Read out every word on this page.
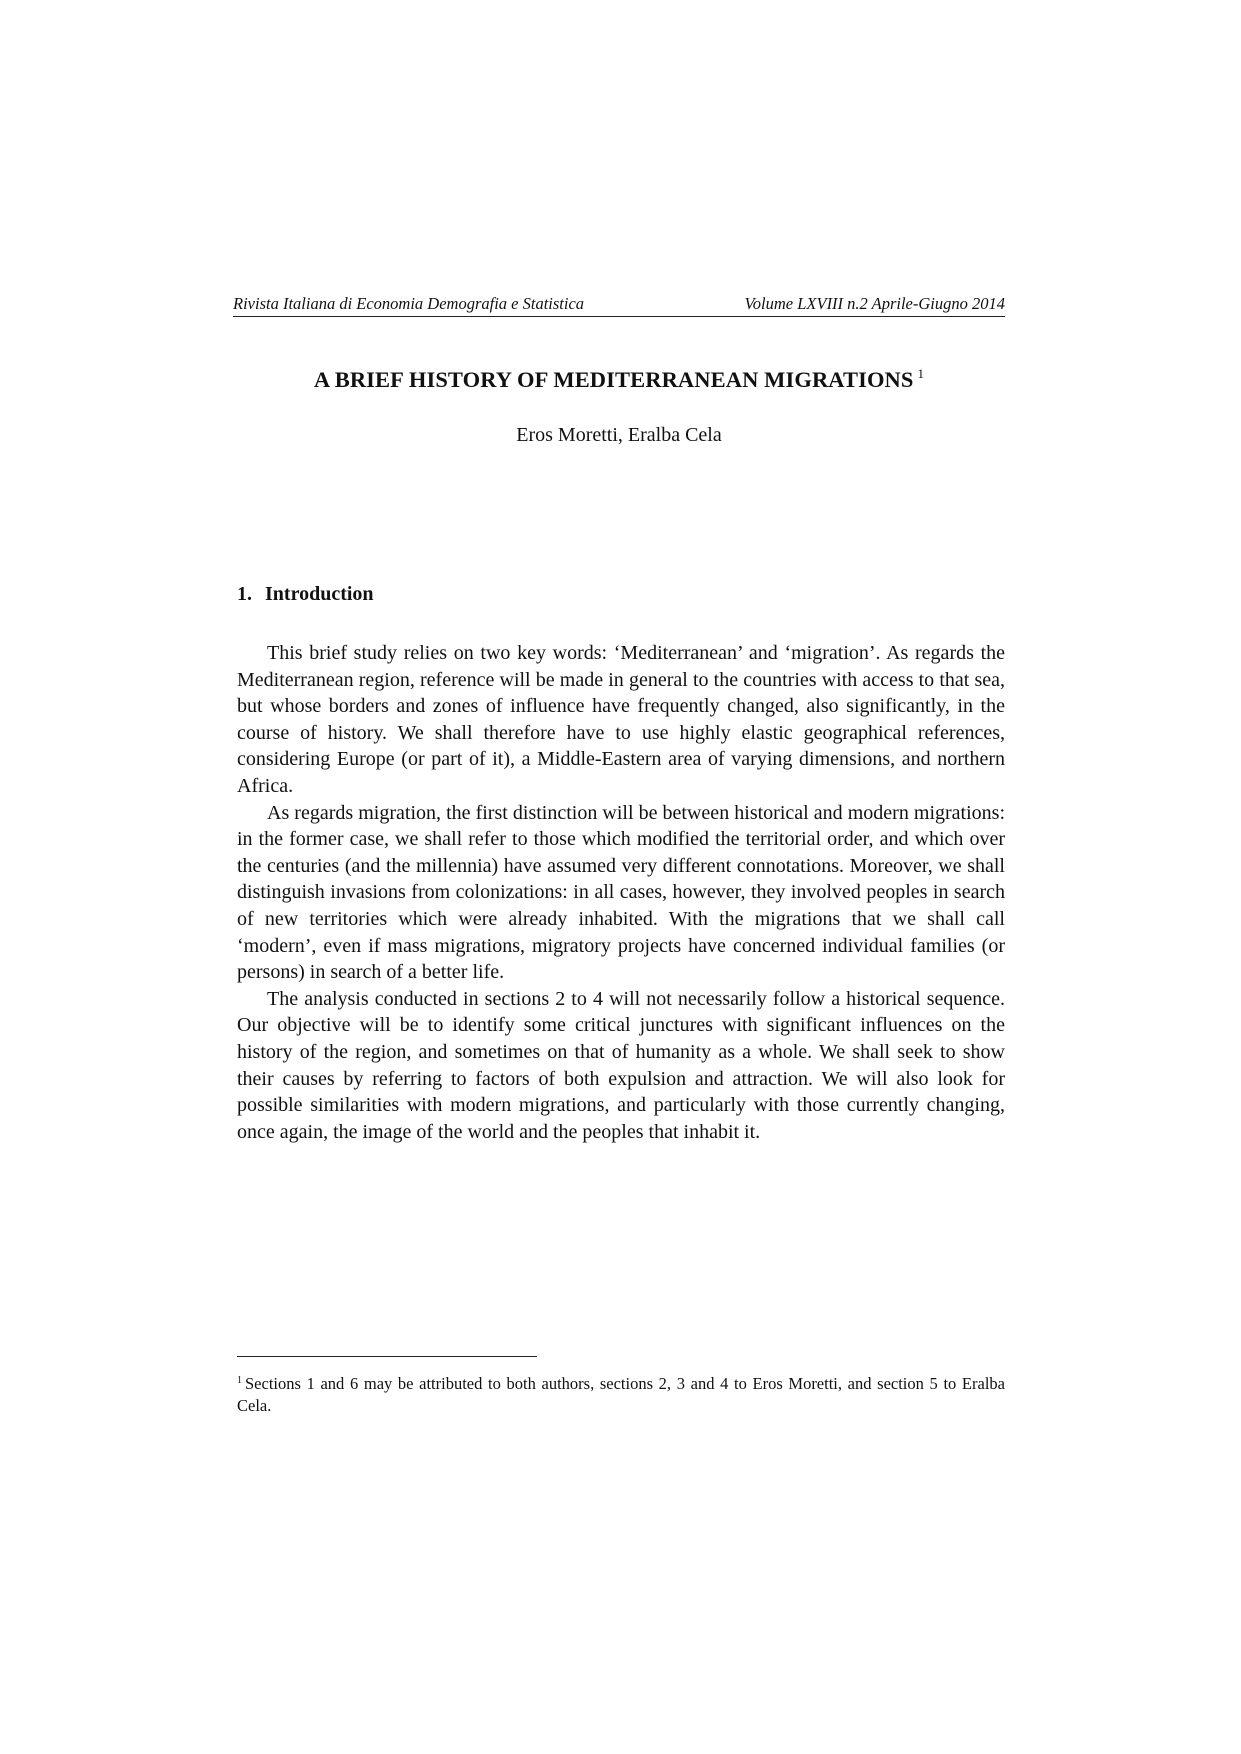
Rivista Italiana di Economia Demografia e Statistica	Volume LXVIII n.2 Aprile-Giugno 2014
A BRIEF HISTORY OF MEDITERRANEAN MIGRATIONS $^1$
Eros Moretti, Eralba Cela
1. Introduction

This brief study relies on two key words: ‘Mediterranean’ and ‘migration’. As regards the Mediterranean region, reference will be made in general to the countries with access to that sea, but whose borders and zones of influence have frequently changed, also significantly, in the course of history. We shall therefore have to use highly elastic geographical references, considering Europe (or part of it), a Middle-Eastern area of varying dimensions, and northern Africa.

As regards migration, the first distinction will be between historical and modern migrations: in the former case, we shall refer to those which modified the territorial order, and which over the centuries (and the millennia) have assumed very different connotations. Moreover, we shall distinguish invasions from colonizations: in all cases, however, they involved peoples in search of new territories which were already inhabited. With the migrations that we shall call ‘modern’, even if mass migrations, migratory projects have concerned individual families (or persons) in search of a better life.

The analysis conducted in sections 2 to 4 will not necessarily follow a historical sequence. Our objective will be to identify some critical junctures with significant influences on the history of the region, and sometimes on that of humanity as a whole. We shall seek to show their causes by referring to factors of both expulsion and attraction. We will also look for possible similarities with modern migrations, and particularly with those currently changing, once again, the image of the world and the peoples that inhabit it.

$^1$ Sections 1 and 6 may be attributed to both authors, sections 2, 3 and 4 to Eros Moretti, and section 5 to Eralba Cela.
